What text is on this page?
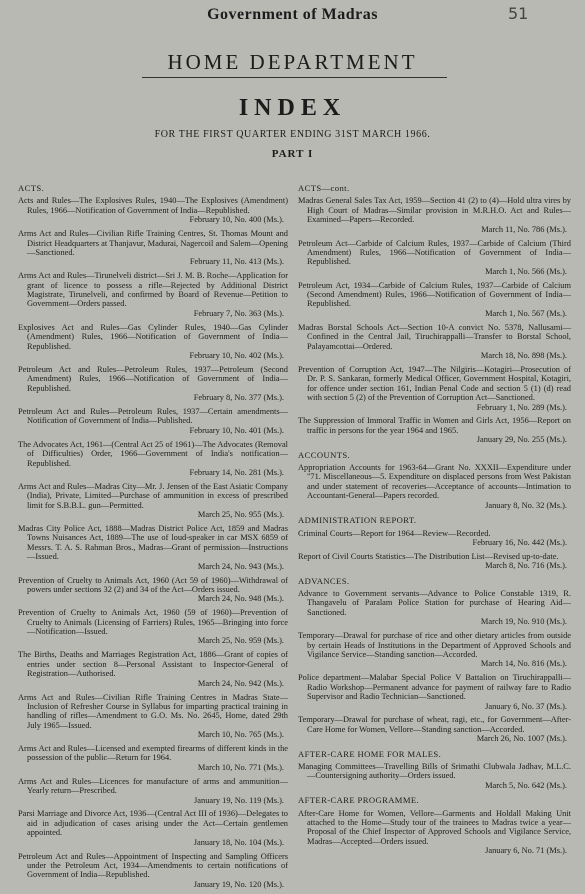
Government of Madras	51
HOME DEPARTMENT
INDEX
FOR THE FIRST QUARTER ENDING 31ST MARCH 1966.
PART I
ACTS.
Acts and Rules—The Explosives Rules, 1940—The Explosives (Amendment) Rules, 1966—Notification of Government of India—Republished.
February 10, No. 400 (Ms.).
Arms Act and Rules—Civilian Rifle Training Centres, St. Thomas Mount and District Headquarters at Thanjavur, Madurai, Nagercoil and Salem—Opening—Sanctioned.
February 11, No. 413 (Ms.).
Arms Act and Rules—Tirunelveli district—Sri J. M. B. Roche—Application for grant of licence to possess a rifle—Rejected by Additional District Magistrate, Tirunelveli, and confirmed by Board of Revenue—Petition to Government—Orders passed.
February 7, No. 363 (Ms.).
Explosives Act and Rules—Gas Cylinder Rules, 1940—Gas Cylinder (Amendment) Rules, 1966—Notification of Government of India—Republished.
February 10, No. 402 (Ms.).
Petroleum Act and Rules—Petroleum Rules, 1937—Petroleum (Second Amendment) Rules, 1966—Notification of Government of India—Republished.
February 8, No. 377 (Ms.).
Petroleum Act and Rules—Petroleum Rules, 1937—Certain amendments—Notification of Government of India—Published.
February 10, No. 401 (Ms.).
The Advocates Act, 1961—(Central Act 25 of 1961)—The Advocates (Removal of Difficulties) Order, 1966—Government of India's notification—Republished.
February 14, No. 281 (Ms.).
Arms Act and Rules—Madras City—Mr. J. Jensen of the East Asiatic Company (India), Private, Limited—Purchase of ammunition in excess of prescribed limit for S.B.B.L. gun—Permitted.
March 25, No. 955 (Ms.).
Madras City Police Act, 1888—Madras District Police Act, 1859 and Madras Towns Nuisances Act, 1889—The use of loud-speaker in car MSX 6859 of Messrs. T. A. S. Rahman Bros., Madras—Grant of permission—Instructions—Issued.
March 24, No. 943 (Ms.).
Prevention of Cruelty to Animals Act, 1960 (Act 59 of 1960)—Withdrawal of powers under sections 32 (2) and 34 of the Act—Orders issued.
March 24, No. 948 (Ms.).
Prevention of Cruelty to Animals Act, 1960 (59 of 1960)—Prevention of Cruelty to Animals (Licensing of Farriers) Rules, 1965—Bringing into force—Notification—Issued.
March 25, No. 959 (Ms.).
The Births, Deaths and Marriages Registration Act, 1886—Grant of copies of entries under section 8—Personal Assistant to Inspector-General of Registration—Authorised.
March 24, No. 942 (Ms.).
Arms Act and Rules—Civilian Rifle Training Centres in Madras State—Inclusion of Refresher Course in Syllabus for imparting practical training in handling of rifles—Amendment to G.O. Ms. No. 2645, Home, dated 29th July 1965—Issued.
March 10, No. 765 (Ms.).
Arms Act and Rules—Licensed and exempted firearms of different kinds in the possession of the public—Return for 1964.
March 10, No. 771 (Ms.).
Arms Act and Rules—Licences for manufacture of arms and ammunition—Yearly return—Prescribed.
January 19, No. 119 (Ms.).
Parsi Marriage and Divorce Act, 1936—(Central Act III of 1936)—Delegates to aid in adjudication of cases arising under the Act—Certain gentlemen appointed.
January 18, No. 104 (Ms.).
Petroleum Act and Rules—Appointment of Inspecting and Sampling Officers under the Petroleum Act, 1934—Amendments to certain notifications of Government of India—Republished.
January 19, No. 120 (Ms.).
ACTS—cont.
Madras General Sales Tax Act, 1959—Section 41 (2) to (4)—Hold ultra vires by High Court of Madras—Similar provision in M.R.H.O. Act and Rules—Examined—Papers—Recorded.
March 11, No. 786 (Ms.).
Petroleum Act—Carbide of Calcium Rules, 1937—Carbide of Calcium (Third Amendment) Rules, 1966—Notification of Government of India—Republished.
March 1, No. 566 (Ms.).
Petroleum Act, 1934—Carbide of Calcium Rules, 1937—Carbide of Calcium (Second Amendment) Rules, 1966—Notification of Government of India—Republished.
March 1, No. 567 (Ms.).
Madras Borstal Schools Act—Section 10-A convict No. 5378, Nallusami—Confined in the Central Jail, Tiruchirappalli—Transfer to Borstal School, Palayamcottai—Ordered.
March 18, No. 898 (Ms.).
Prevention of Corruption Act, 1947—The Nilgiris—Kotagiri—Prosecution of Dr. P. S. Sankaran, formerly Medical Officer, Government Hospital, Kotagiri, for offence under section 161, Indian Penal Code and section 5 (1) (d) read with section 5 (2) of the Prevention of Corruption Act—Sanctioned.
February 1, No. 289 (Ms.).
The Suppression of Immoral Traffic in Women and Girls Act, 1956—Report on traffic in persons for the year 1964 and 1965.
January 29, No. 255 (Ms.).
ACCOUNTS.
Appropriation Accounts for 1963-64—Grant No. XXXII—Expenditure under "71. Miscellaneous—5. Expenditure on displaced persons from West Pakistan and under statement of recoveries—Acceptance of accounts—Intimation to Accountant-General—Papers recorded.
January 8, No. 32 (Ms.).
ADMINISTRATION REPORT.
Criminal Courts—Report for 1964—Review—Recorded.
February 16, No. 442 (Ms.).
Report of Civil Courts Statistics—The Distribution List—Revised up-to-date.
March 8, No. 716 (Ms.).
ADVANCES.
Advance to Government servants—Advance to Police Constable 1319, R. Thangavelu of Paralam Police Station for purchase of Hearing Aid—Sanctioned.
March 19, No. 910 (Ms.).
Temporary—Drawal for purchase of rice and other dietary articles from outside by certain Heads of Institutions in the Department of Approved Schools and Vigilance Service—Standing sanction—Accorded.
March 14, No. 816 (Ms.).
Police department—Malabar Special Police V Battalion on Tiruchirappalli—Radio Workshop—Permanent advance for payment of railway fare to Radio Supervisor and Radio Technician—Sanctioned.
January 6, No. 37 (Ms.).
Temporary—Drawal for purchase of wheat, ragi, etc., for Government—After-Care Home for Women, Vellore—Standing sanction—Accorded.
March 26, No. 1007 (Ms.).
AFTER-CARE HOME FOR MALES.
Managing Committees—Travelling Bills of Srimathi Clubwala Jadhav, M.L.C.—Countersigning authority—Orders issued.
March 5, No. 642 (Ms.).
AFTER-CARE PROGRAMME.
After-Care Home for Women, Vellore—Garments and Holdall Making Unit attached to the Home—Study tour of the trainees to Madras twice a year—Proposal of the Chief Inspector of Approved Schools and Vigilance Service, Madras—Accepted—Orders issued.
January 6, No. 71 (Ms.).
